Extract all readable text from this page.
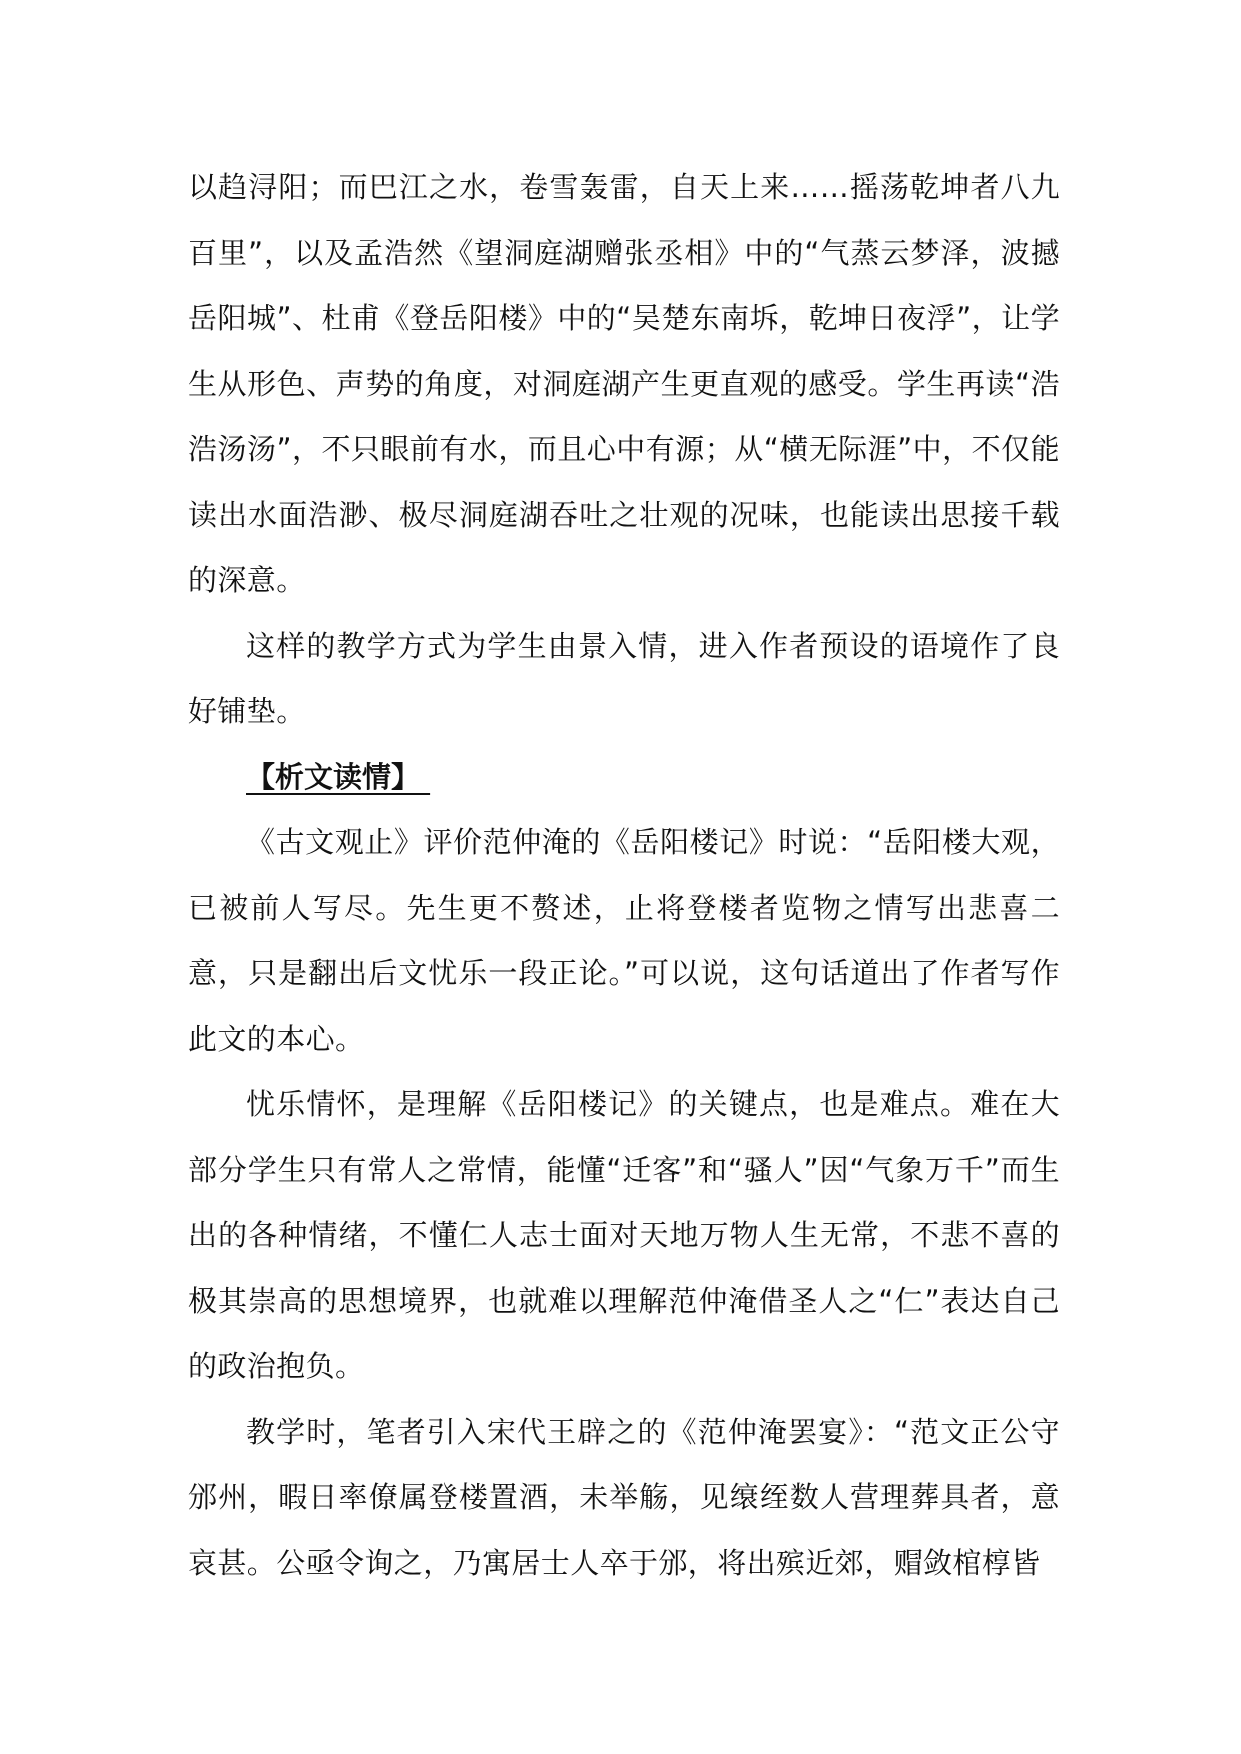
以趋浔阳；而巴江之水，卷雪轰雷，自天上来……摇荡乾坤者八九百里”，以及孟浩然《望洞庭湖赠张丞相》中的“气蒸云梦泽，波撼岳阳城”、杜甫《登岳阳楼》中的“吴楚东南坼，乾坤日夜浮”，让学生从形色、声势的角度，对洞庭湖产生更直观的感受。学生再读“浩浩汤汤”，不只眼前有水，而且心中有源；从“横无际涯”中，不仅能读出水面浩渺、极尽洞庭湖吞吐之壮观的况味，也能读出思接千载的深意。

这样的教学方式为学生由景入情，进入作者预设的语境作了良好铺垫。

【析文读情】

《古文观止》评价范仲淹的《岳阳楼记》时说：“岳阳楼大观，已被前人写尽。先生更不赘述，止将登楼者览物之情写出悲喜二意，只是翻出后文忧乐一段正论。”可以说，这句话道出了作者写作此文的本心。

忧乐情怀，是理解《岳阳楼记》的关键点，也是难点。难在大部分学生只有常人之常情，能懂“迁客”和“骚人”因“气象万千”而生出的各种情绪，不懂仁人志士面对天地万物人生无常，不悲不喜的极其崇高的思想境界，也就难以理解范仲淹借圣人之“仁”表达自己的政治抱负。

教学时，笔者引入宋代王辟之的《范仲淹罢宴》：“范文正公守邠州，暇日率僚属登楼置酒，未举觞，见缞绖数人营理葬具者，意哀甚。公亟令询之，乃寓居士人卒于邠，将出殡近郊，赗敛棺椁皆
